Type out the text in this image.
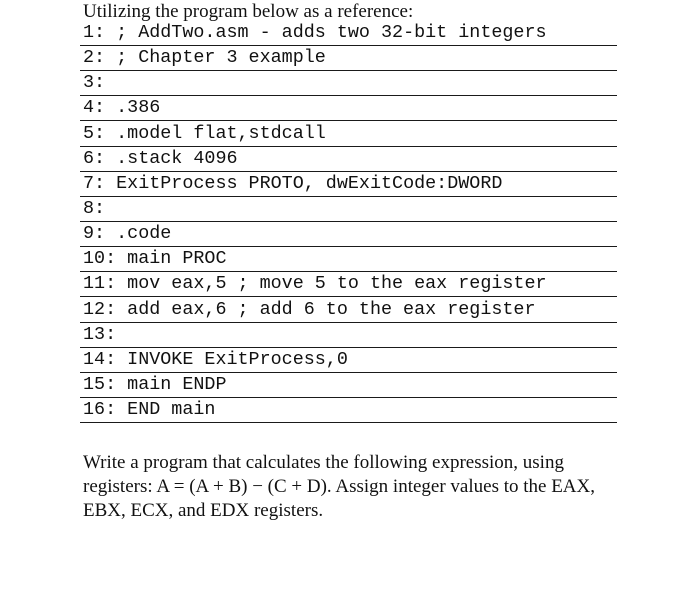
Utilizing the program below as a reference:
1: ; AddTwo.asm - adds two 32-bit integers
2: ; Chapter 3 example
3:
4: .386
5: .model flat,stdcall
6: .stack 4096
7: ExitProcess PROTO, dwExitCode:DWORD
8:
9: .code
10: main PROC
11: mov eax,5 ; move 5 to the eax register
12: add eax,6 ; add 6 to the eax register
13:
14: INVOKE ExitProcess,0
15: main ENDP
16: END main
Write a program that calculates the following expression, using registers: A = (A + B) − (C + D). Assign integer values to the EAX, EBX, ECX, and EDX registers.
